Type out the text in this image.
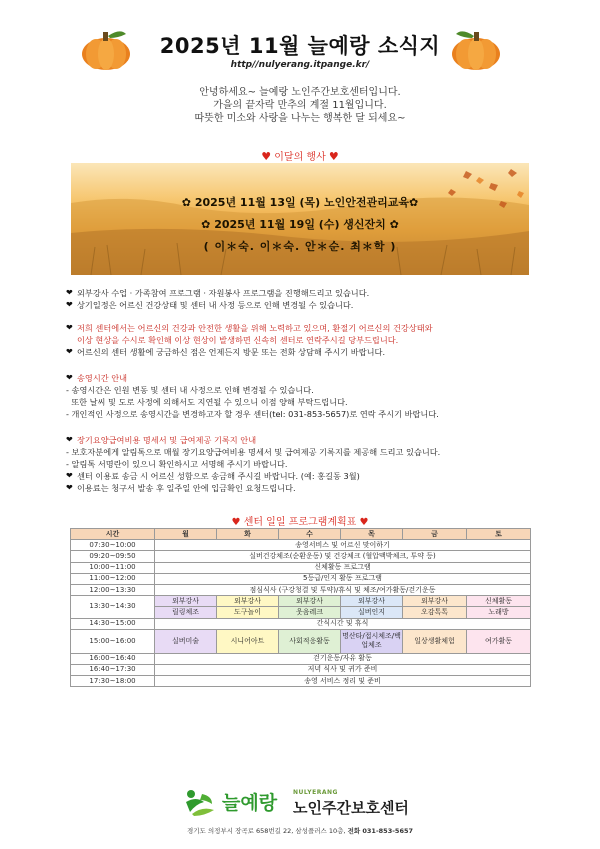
2025년 11월 늘예랑 소식지
http//nulyerang.itpange.kr/
안녕하세요~ 늘예랑 노인주간보호센터입니다.
가을의 끝자락 만추의 계절 11월입니다.
따뜻한 미소와 사랑을 나누는 행복한 달 되세요~
♥ 이달의 행사 ♥
✿ 2025년 11월 13일 (목) 노인안전관리교육✿
✿ 2025년 11월 19일 (수) 생신잔치 ✿
( 이＊숙. 이＊숙. 안＊순. 최＊학 )
❤ 외부강사 수업 · 가족참여 프로그램 · 자원봉사 프로그램을 진행해드리고 있습니다.
❤ 상기일정은 어르신 건강상태 및 센터 내 사정 등으로 인해 변경될 수 있습니다.
❤ 저희 센터에서는 어르신의 건강과 안전한 생활을 위해 노력하고 있으며, 환절기 어르신의 건강상태와
이상 현상을 수시로 확인해 이상 현상이 발생하면 신속히 센터로 연락주시길 당부드립니다.
❤ 어르신의 센터 생활에 궁금하신 점은 언제든지 방문 또는 전화 상담해 주시기 바랍니다.
❤ 송영시간 안내
- 송영시간은 인원 변동 및 센터 내 사정으로 인해 변경될 수 있습니다.
또한 날씨 및 도로 사정에 의해서도 지연될 수 있으니 이점 양해 부탁드립니다.
- 개인적인 사정으로 송영시간을 변경하고자 할 경우 센터(tel: 031-853-5657)로 연락 주시기 바랍니다.
❤ 장기요양급여비용 명세서 및 급여제공 기록지 안내
- 보호자분에게 알림톡으로 매월 장기요양급여비용 명세서 및 급여제공 기록지를 제공해 드리고 있습니다.
- 알림톡 서명란이 있으니 확인하시고 서명해 주시기 바랍니다.
❤ 센터 이용료 송금 시 어르신 성함으로 송금해 주시길 바랍니다. (예: 홍길동 3월)
❤ 이용료는 청구서 발송 후 일주일 안에 입금확인 요청드립니다.
♥ 센터 일일 프로그램계획표 ♥
시간	월	화	수	목	금	토
07:30~10:00	송영서비스 및 어르신 맞이하기					
09:20~09:50	실버건강체조(순환운동) 및 건강체크 (혈압맥박체크, 투약 등)					
10:00~11:00	신체활동 프로그램					
11:00~12:00	5등급/인지 활동 프로그램					
12:00~13:30	점심식사 (구강청결 및 투약)/휴식 및 체조/여가활동/걷기운동					
13:30~14:30	외부강사	외부강사	외부강사	외부강사	외부강사	신체활동
	릴링체조	도구놀이	웃음레크	실버인지	오감톡톡	노래방
14:30~15:00	간식시간 및 휴식					
15:00~16:00	실버미술	시니어아트	사회적응활동	명산타/접시체조/백업체조	일상생활체험	여가활동
16:00~16:40	걷기운동/자유 활동					
16:40~17:30	저녁 식사 및 귀가 준비					
17:30~18:00	송영 서비스 정리 및 준비					
늘예랑	NULYERANG
노인주간보호센터
경기도 의정부시 장곡로 658번길 22, 삼성플러스 10층, 전화 031-853-5657
